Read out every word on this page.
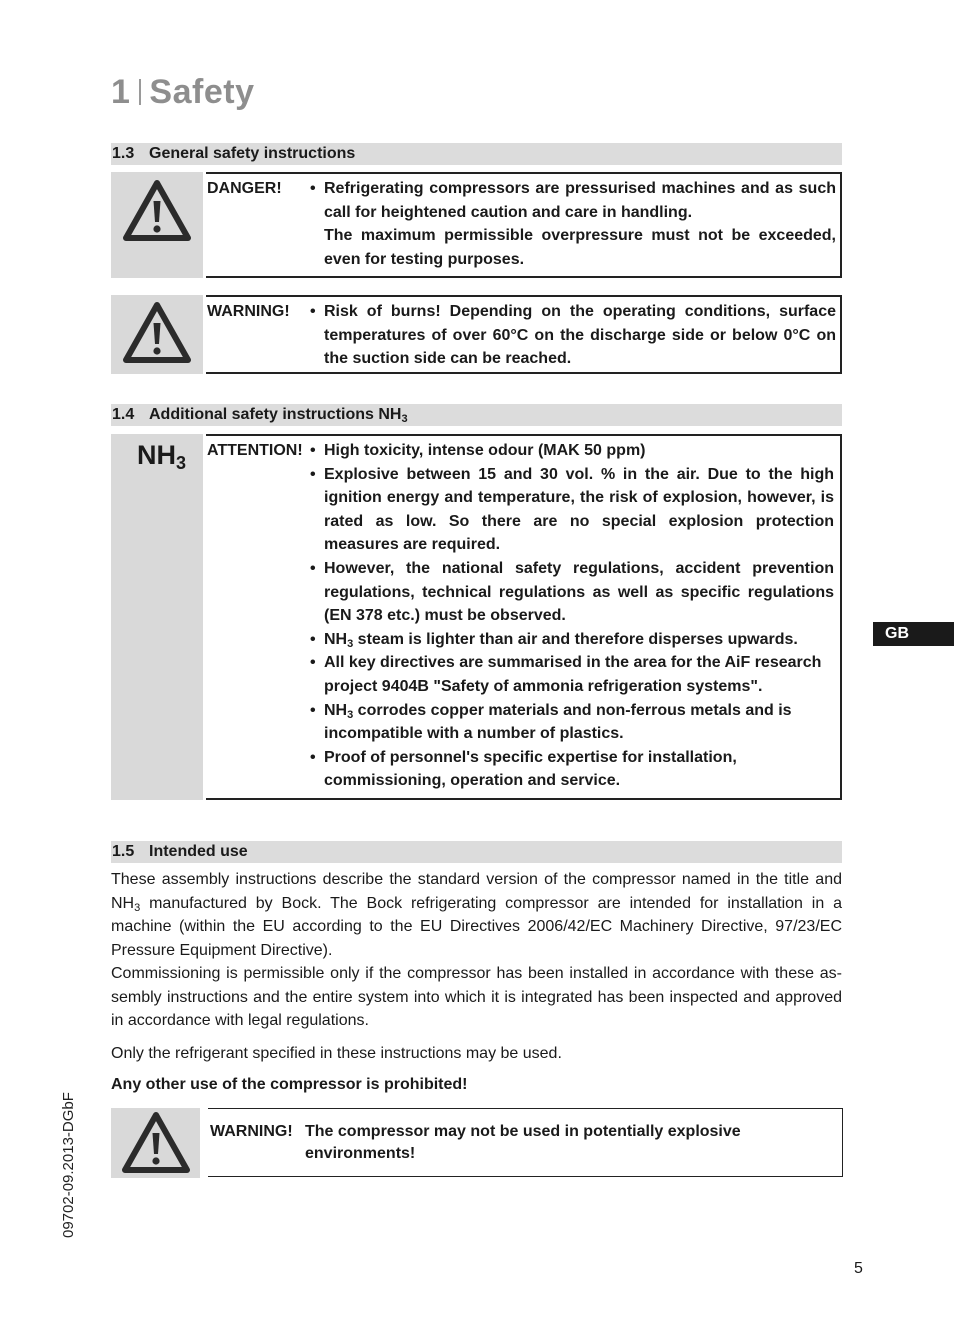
1 Safety
1.3 General safety instructions
DANGER!	• Refrigerating compressors are pressurised machines and as such call for heightened caution and care in handling.
The maximum permissible overpressure must not be exceeded, even for testing purposes.
WARNING!	• Risk of burns! Depending on the operating conditions, surface temperatures of over 60°C on the discharge side or below 0°C on the suction side can be reached.
1.4 Additional safety instructions $NH_3$
$NH_3$
ATTENTION!	• High toxicity, intense odour (MAK 50 ppm)
• Explosive between 15 and 30 vol. % in the air. Due to the high ignition energy and temperature, the risk of explosion, however, is rated as low. So there are no special explosion protection measures are required.
• However, the national safety regulations, accident prevention regulations, technical regulations as well as specific regulations (EN 378 etc.) must be observed.
• $NH_3$ steam is lighter than air and therefore disperses upwards.
• All key directives are summarised in the area for the AiF research project 9404B "Safety of ammonia refrigeration systems".
• $NH_3$ corrodes copper materials and non-ferrous metals and is incompatible with a number of plastics.
• Proof of personnel's specific expertise for installation, commissioning, operation and service.
GB
1.5 Intended use

These assembly instructions describe the standard version of the compressor named in the title and $NH_3$ manufactured by Bock. The Bock refrigerating compressor are intended for installation in a machine (within the EU according to the EU Directives 2006/42/EC Machinery Directive, 97/23/EC Pressure Equipment Directive).

Commissioning is permissible only if the compressor has been installed in accordance with these as-sembly instructions and the entire system into which it is integrated has been inspected and approved in accordance with legal regulations.

Only the refrigerant specified in these instructions may be used.

Any other use of the compressor is prohibited!

WARNING! The compressor may not be used in potentially explosive environments!
09702-09.2013-DGbF
5
